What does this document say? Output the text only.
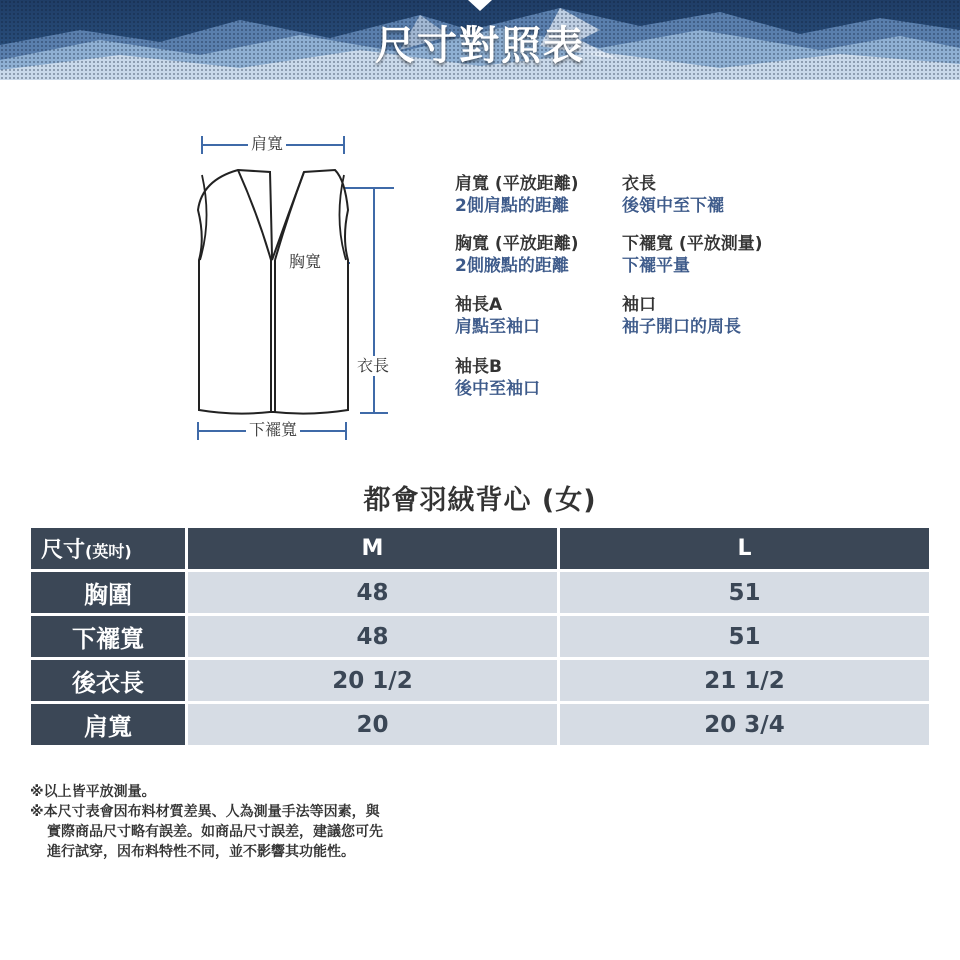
尺寸對照表
肩寬
胸寬
衣長
下襬寬
肩寬 (平放距離)
2側肩點的距離
衣長
後領中至下襬
胸寬 (平放距離)
2側腋點的距離
下襬寬 (平放測量)
下襬平量
袖長A
肩點至袖口
袖口
袖子開口的周長
袖長B
後中至袖口
都會羽絨背心 (女)
尺寸(英吋)	M	L
胸圍	48	51
下襬寬	48	51
後衣長	20 1/2	21 1/2
肩寬	20	20 3/4
※以上皆平放測量。
※本尺寸表會因布料材質差異、人為測量手法等因素，與
實際商品尺寸略有誤差。如商品尺寸誤差，建議您可先
進行試穿，因布料特性不同，並不影響其功能性。
